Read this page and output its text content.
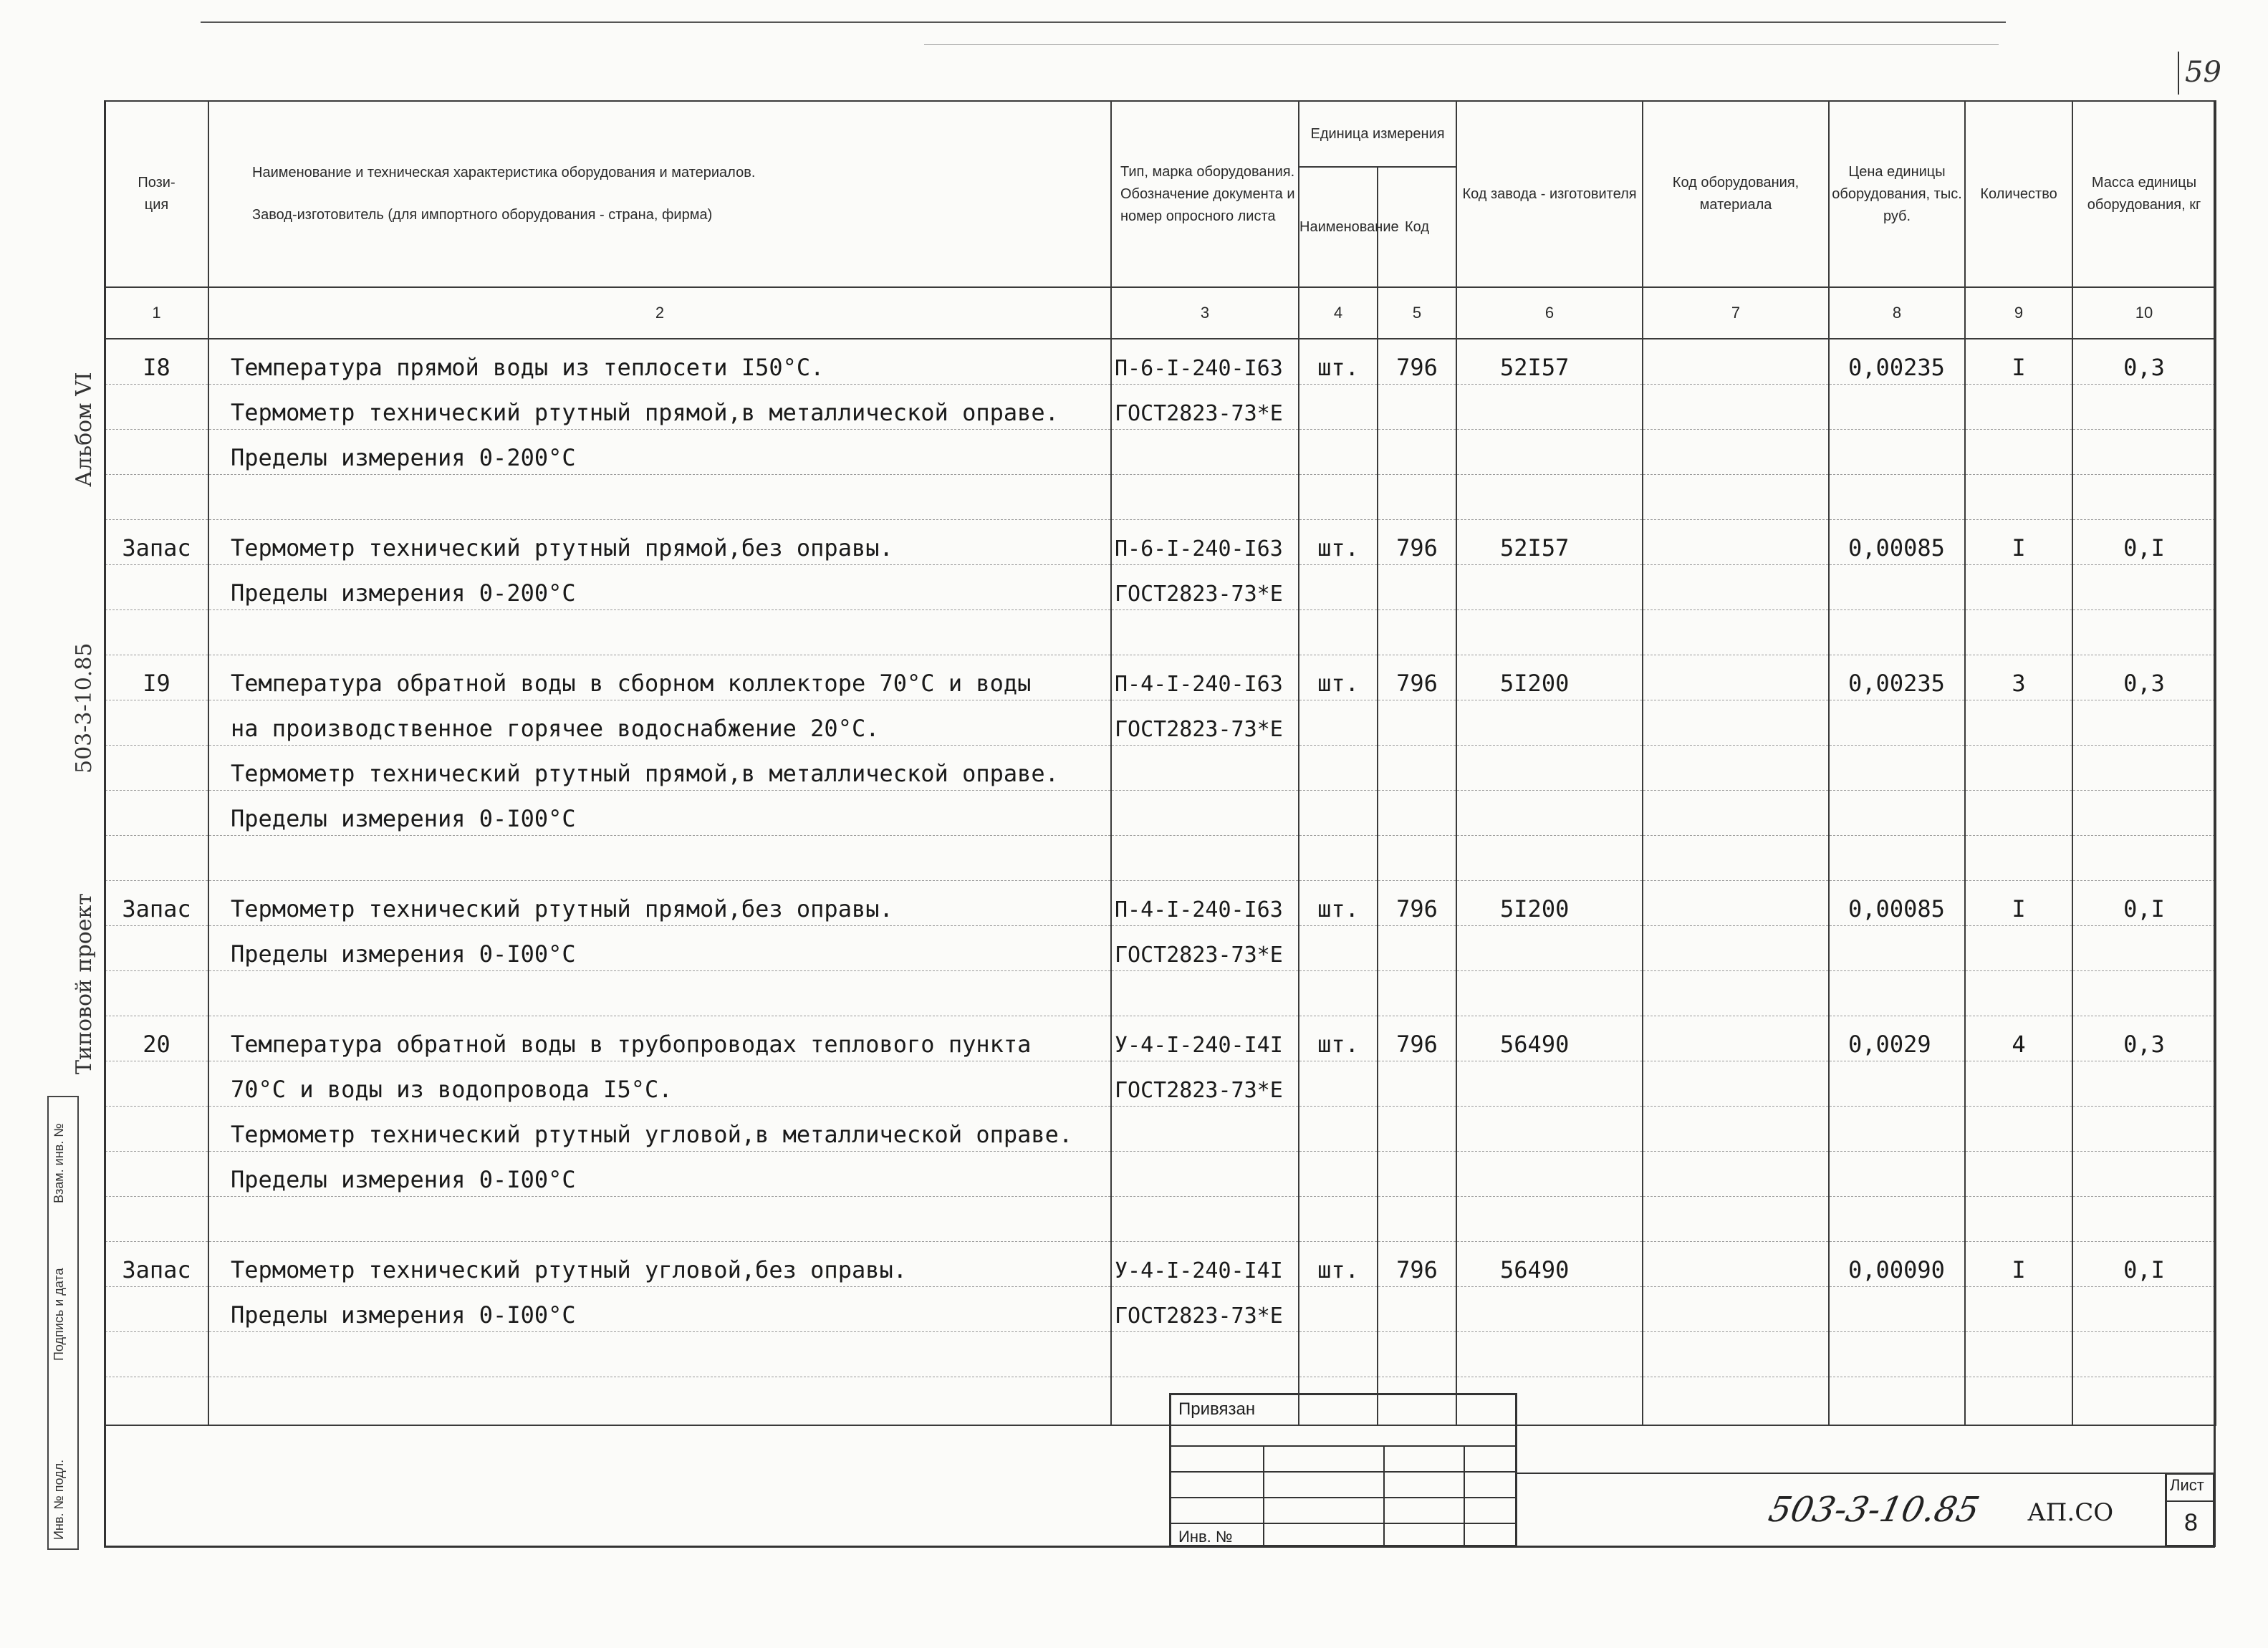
59
Типовой проект
503-3-10.85
Альбом VI
Инв. № подл.
Подпись и дата
Взам. инв. №
Пози-
ция	Наименование и техническая характеристика оборудования и материалов.
Завод-изготовитель (для импортного оборудования - страна, фирма)	Тип, марка оборудования. Обозначение документа и номер опросного листа	Единица измерения		Код завода - изготовителя	Код оборудования, материала	Цена единицы оборудования, тыс. руб.	Количество	Масса единицы оборудования, кг
			Наименование	Код					
1	2	3	4	5	6	7	8	9	10
I8	Температура прямой воды из теплосети I50°С.	П-6-I-240-I63	шт.	796	52I57		0,00235	I	0,3
	Термометр технический ртутный прямой,в металлической оправе.	ГОСТ2823-73*Е							
	Пределы измерения 0-200°С								

Запас	Термометр технический ртутный прямой,без оправы.	П-6-I-240-I63	шт.	796	52I57		0,00085	I	0,I
	Пределы измерения 0-200°С	ГОСТ2823-73*Е							

I9	Температура обратной воды в сборном коллекторе 70°С и воды	П-4-I-240-I63	шт.	796	5I200		0,00235	3	0,3
	на производственное горячее водоснабжение 20°С.	ГОСТ2823-73*Е							
	Термометр технический ртутный прямой,в металлической оправе.								
	Пределы измерения 0-I00°С								

Запас	Термометр технический ртутный прямой,без оправы.	П-4-I-240-I63	шт.	796	5I200		0,00085	I	0,I
	Пределы измерения 0-I00°С	ГОСТ2823-73*Е							

20	Температура обратной воды в трубопроводах теплового пункта	У-4-I-240-I4I	шт.	796	56490		0,0029	4	0,3
	70°С и воды из водопровода I5°С.	ГОСТ2823-73*Е							
	Термометр технический ртутный угловой,в металлической оправе.								
	Пределы измерения 0-I00°С								

Запас	Термометр технический ртутный угловой,без оправы.	У-4-I-240-I4I	шт.	796	56490		0,00090	I	0,I
	Пределы измерения 0-I00°С	ГОСТ2823-73*Е							

Привязан
Инв. №
503-3-10.85 АП.СО
Лист
8
